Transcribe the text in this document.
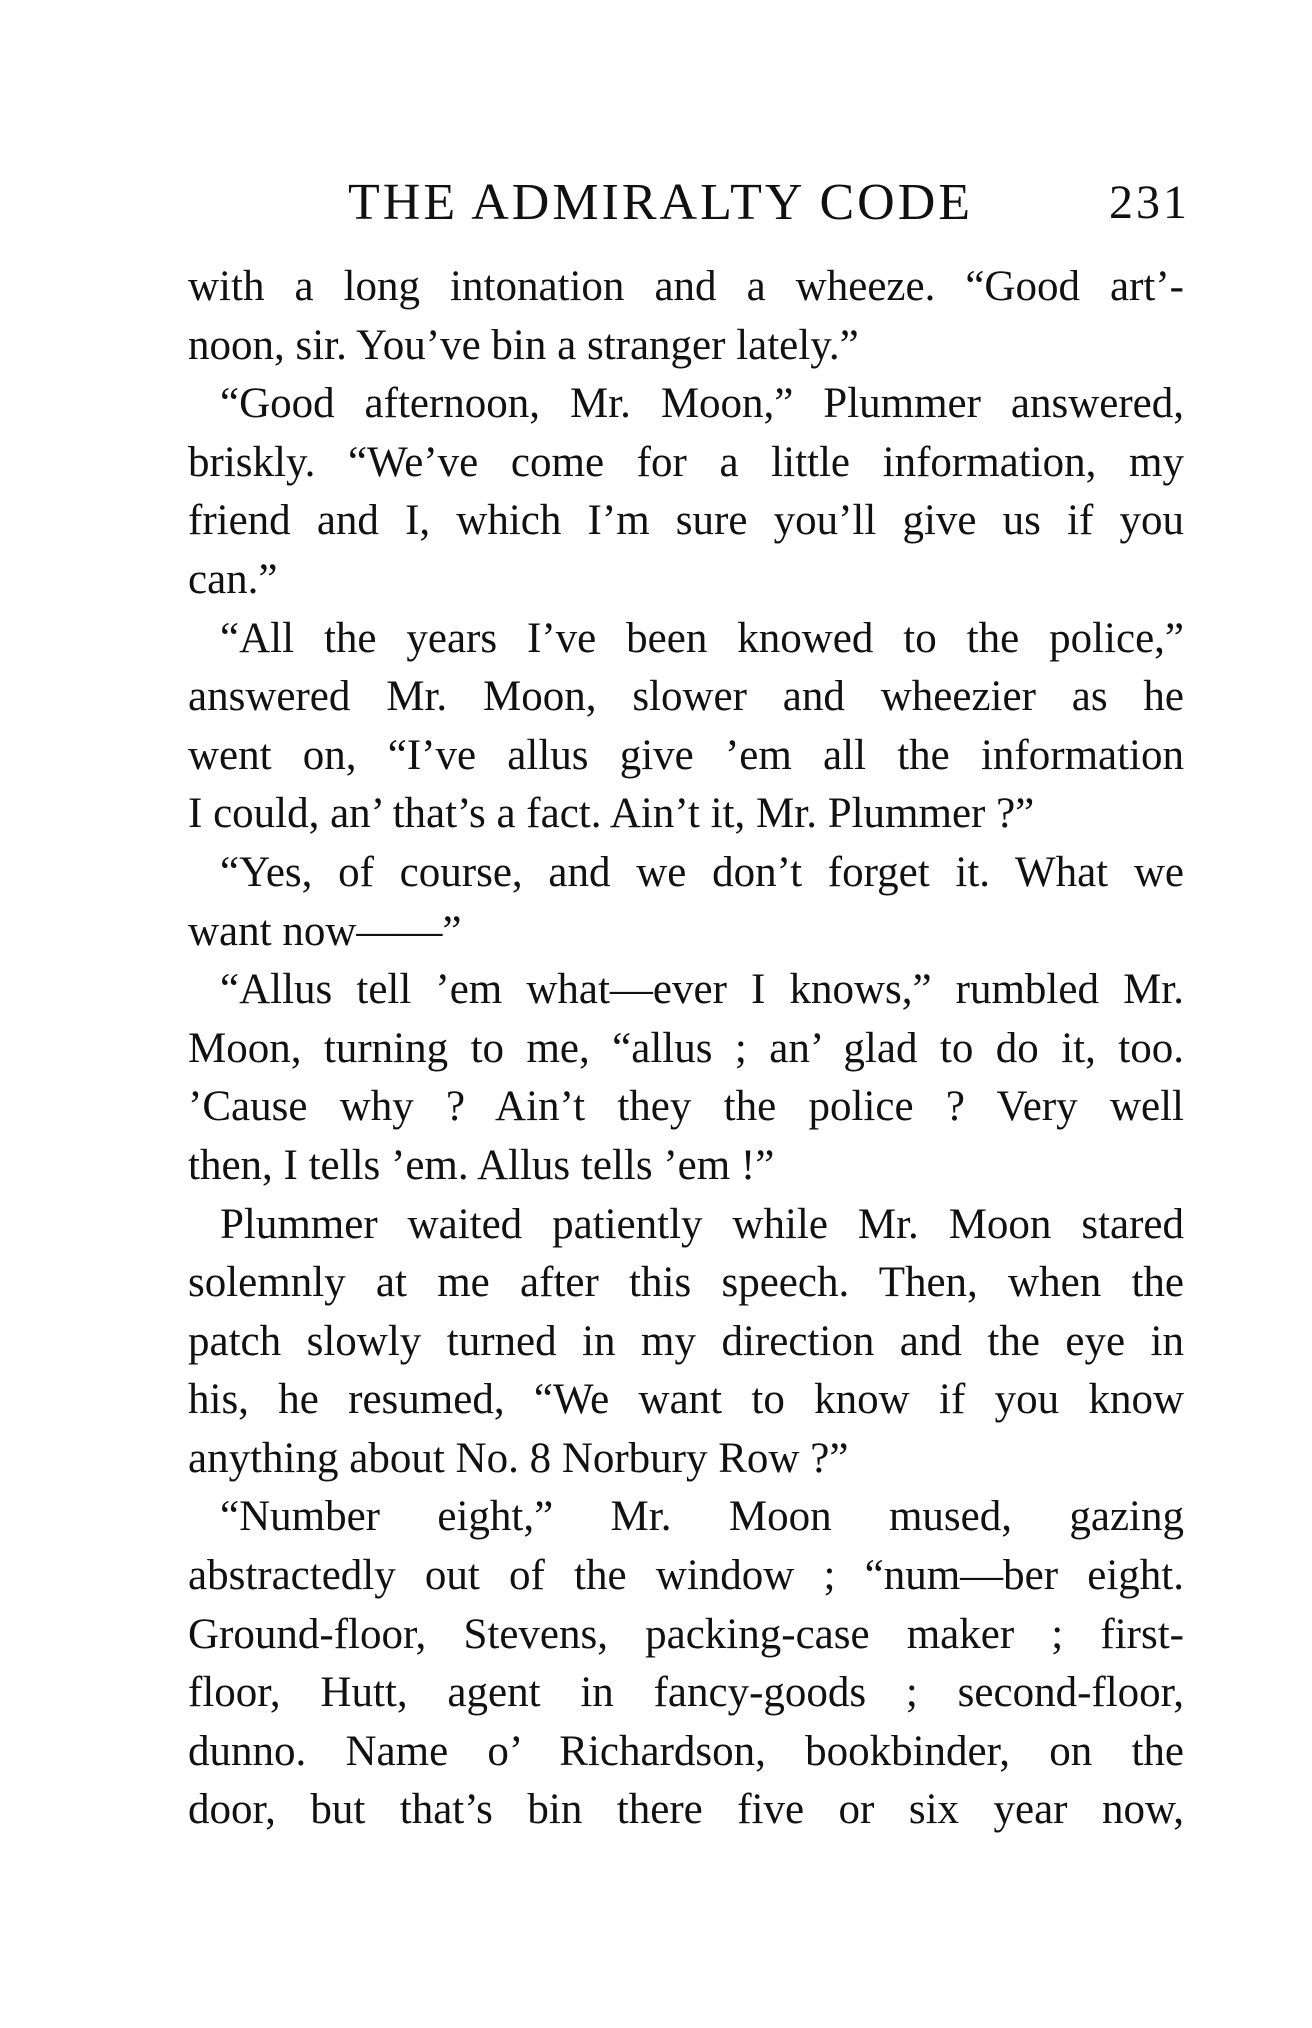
THE ADMIRALTY CODE	231
with a long intonation and a wheeze. “Good art’-
noon, sir. You’ve bin a stranger lately.”
“Good afternoon, Mr. Moon,” Plummer answered,
briskly. “We’ve come for a little information, my
friend and I, which I’m sure you’ll give us if you
can.”
“All the years I’ve been knowed to the police,”
answered Mr. Moon, slower and wheezier as he
went on, “I’ve allus give ’em all the information
I could, an’ that’s a fact. Ain’t it, Mr. Plummer ?”
“Yes, of course, and we don’t forget it. What we
want now——”
“Allus tell ’em what—ever I knows,” rumbled Mr.
Moon, turning to me, “allus ; an’ glad to do it, too.
’Cause why ? Ain’t they the police ? Very well
then, I tells ’em. Allus tells ’em !”
Plummer waited patiently while Mr. Moon stared
solemnly at me after this speech. Then, when the
patch slowly turned in my direction and the eye in
his, he resumed, “We want to know if you know
anything about No. 8 Norbury Row ?”
“Number eight,” Mr. Moon mused, gazing
abstractedly out of the window ; “num—ber eight.
Ground-floor, Stevens, packing-case maker ; first-
floor, Hutt, agent in fancy-goods ; second-floor,
dunno. Name o’ Richardson, bookbinder, on the
door, but that’s bin there five or six year now,
